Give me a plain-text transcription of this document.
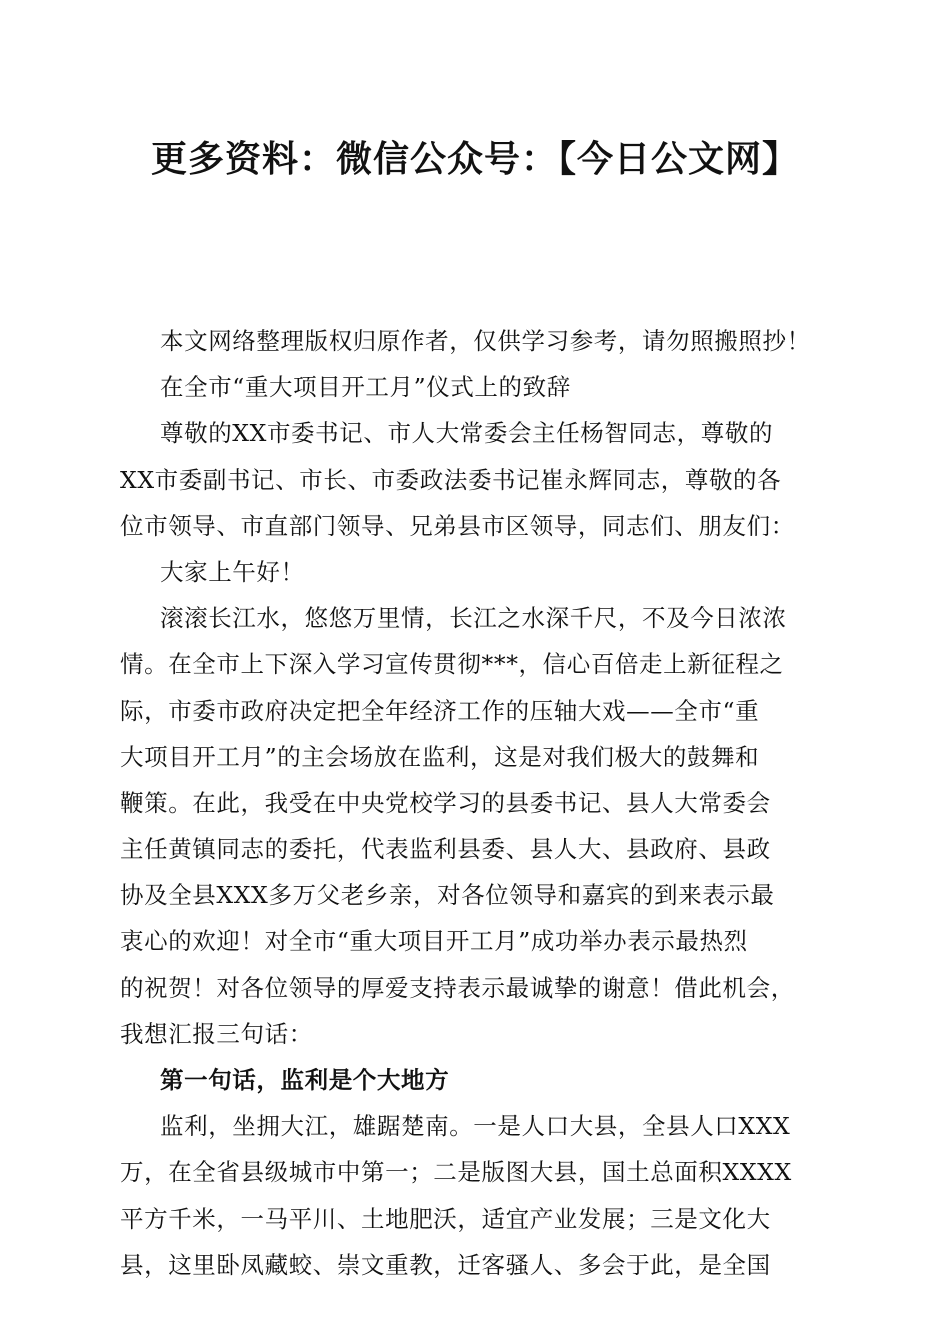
更多资料：微信公众号：【今日公文网】
本文网络整理版权归原作者，仅供学习参考，请勿照搬照抄！
在全市“重大项目开工月”仪式上的致辞
尊敬的XX市委书记、市人大常委会主任杨智同志，尊敬的
XX市委副书记、市长、市委政法委书记崔永辉同志，尊敬的各
位市领导、市直部门领导、兄弟县市区领导，同志们、朋友们：
大家上午好！
滚滚长江水，悠悠万里情，长江之水深千尺，不及今日浓浓
情。在全市上下深入学习宣传贯彻***，信心百倍走上新征程之
际，市委市政府决定把全年经济工作的压轴大戏——全市“重
大项目开工月”的主会场放在监利，这是对我们极大的鼓舞和
鞭策。在此，我受在中央党校学习的县委书记、县人大常委会
主任黄镇同志的委托，代表监利县委、县人大、县政府、县政
协及全县XXX多万父老乡亲，对各位领导和嘉宾的到来表示最
衷心的欢迎！对全市“重大项目开工月”成功举办表示最热烈
的祝贺！对各位领导的厚爱支持表示最诚挚的谢意！借此机会，
我想汇报三句话：
第一句话，监利是个大地方
监利，坐拥大江，雄踞楚南。一是人口大县，全县人口XXX
万，在全省县级城市中第一；二是版图大县，国土总面积XXXX
平方千米，一马平川、土地肥沃，适宜产业发展；三是文化大
县，这里卧凤藏蛟、崇文重教，迁客骚人、多会于此，是全国
